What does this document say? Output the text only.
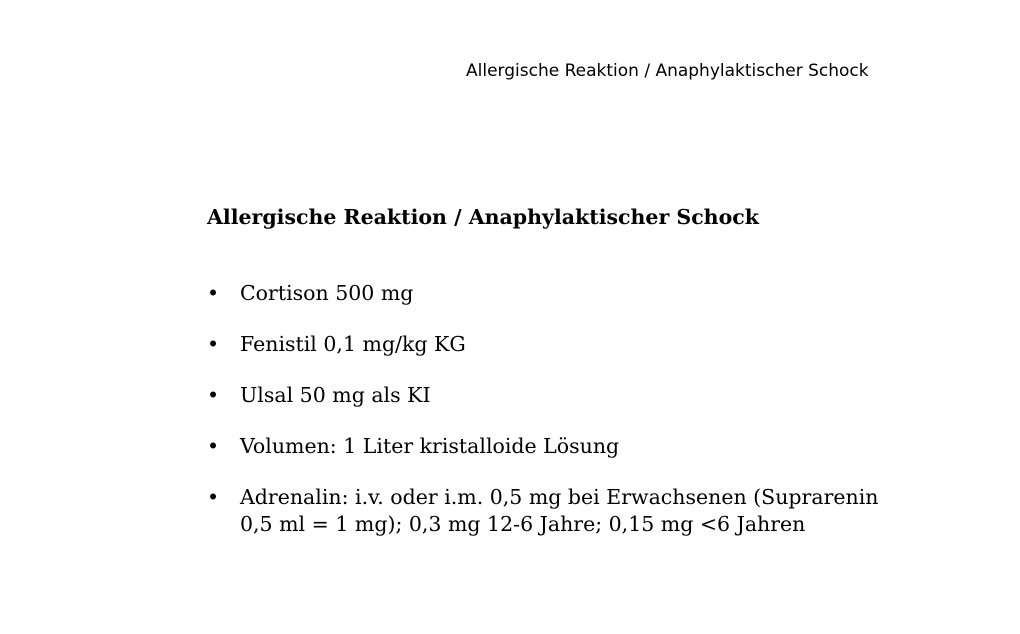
Allergische Reaktion / Anaphylaktischer Schock
Allergische Reaktion / Anaphylaktischer Schock
• Cortison 500 mg
• Fenistil 0,1 mg/kg KG
• Ulsal 50 mg als KI
• Volumen: 1 Liter kristalloide Lösung
• Adrenalin: i.v. oder i.m. 0,5 mg bei Erwachsenen (Suprarenin 0,5 ml = 1 mg); 0,3 mg 12-6 Jahre; 0,15 mg <6 Jahren
